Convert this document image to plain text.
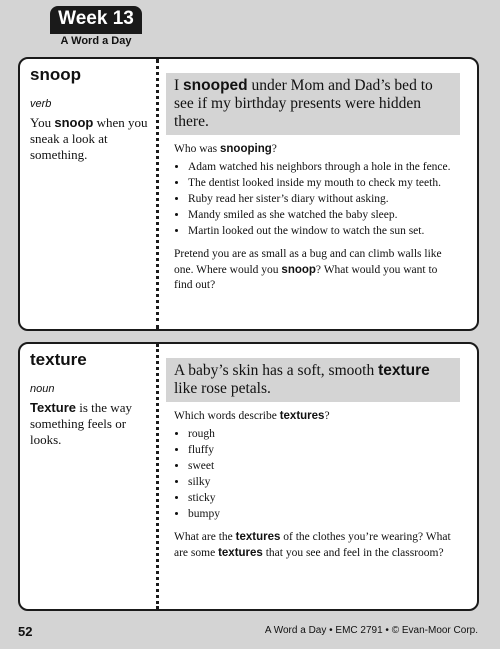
Week 13
A Word a Day
snoop
verb
You snoop when you sneak a look at something.
I snooped under Mom and Dad’s bed to see if my birthday presents were hidden there.
Who was snooping?
• Adam watched his neighbors through a hole in the fence.
• The dentist looked inside my mouth to check my teeth.
• Ruby read her sister’s diary without asking.
• Mandy smiled as she watched the baby sleep.
• Martin looked out the window to watch the sun set.
Pretend you are as small as a bug and can climb walls like one. Where would you snoop? What would you want to find out?
texture
noun
Texture is the way something feels or looks.
A baby’s skin has a soft, smooth texture like rose petals.
Which words describe textures?
• rough
• fluffy
• sweet
• silky
• sticky
• bumpy
What are the textures of the clothes you’re wearing? What are some textures that you see and feel in the classroom?
52	A Word a Day • EMC 2791 • © Evan-Moor Corp.
